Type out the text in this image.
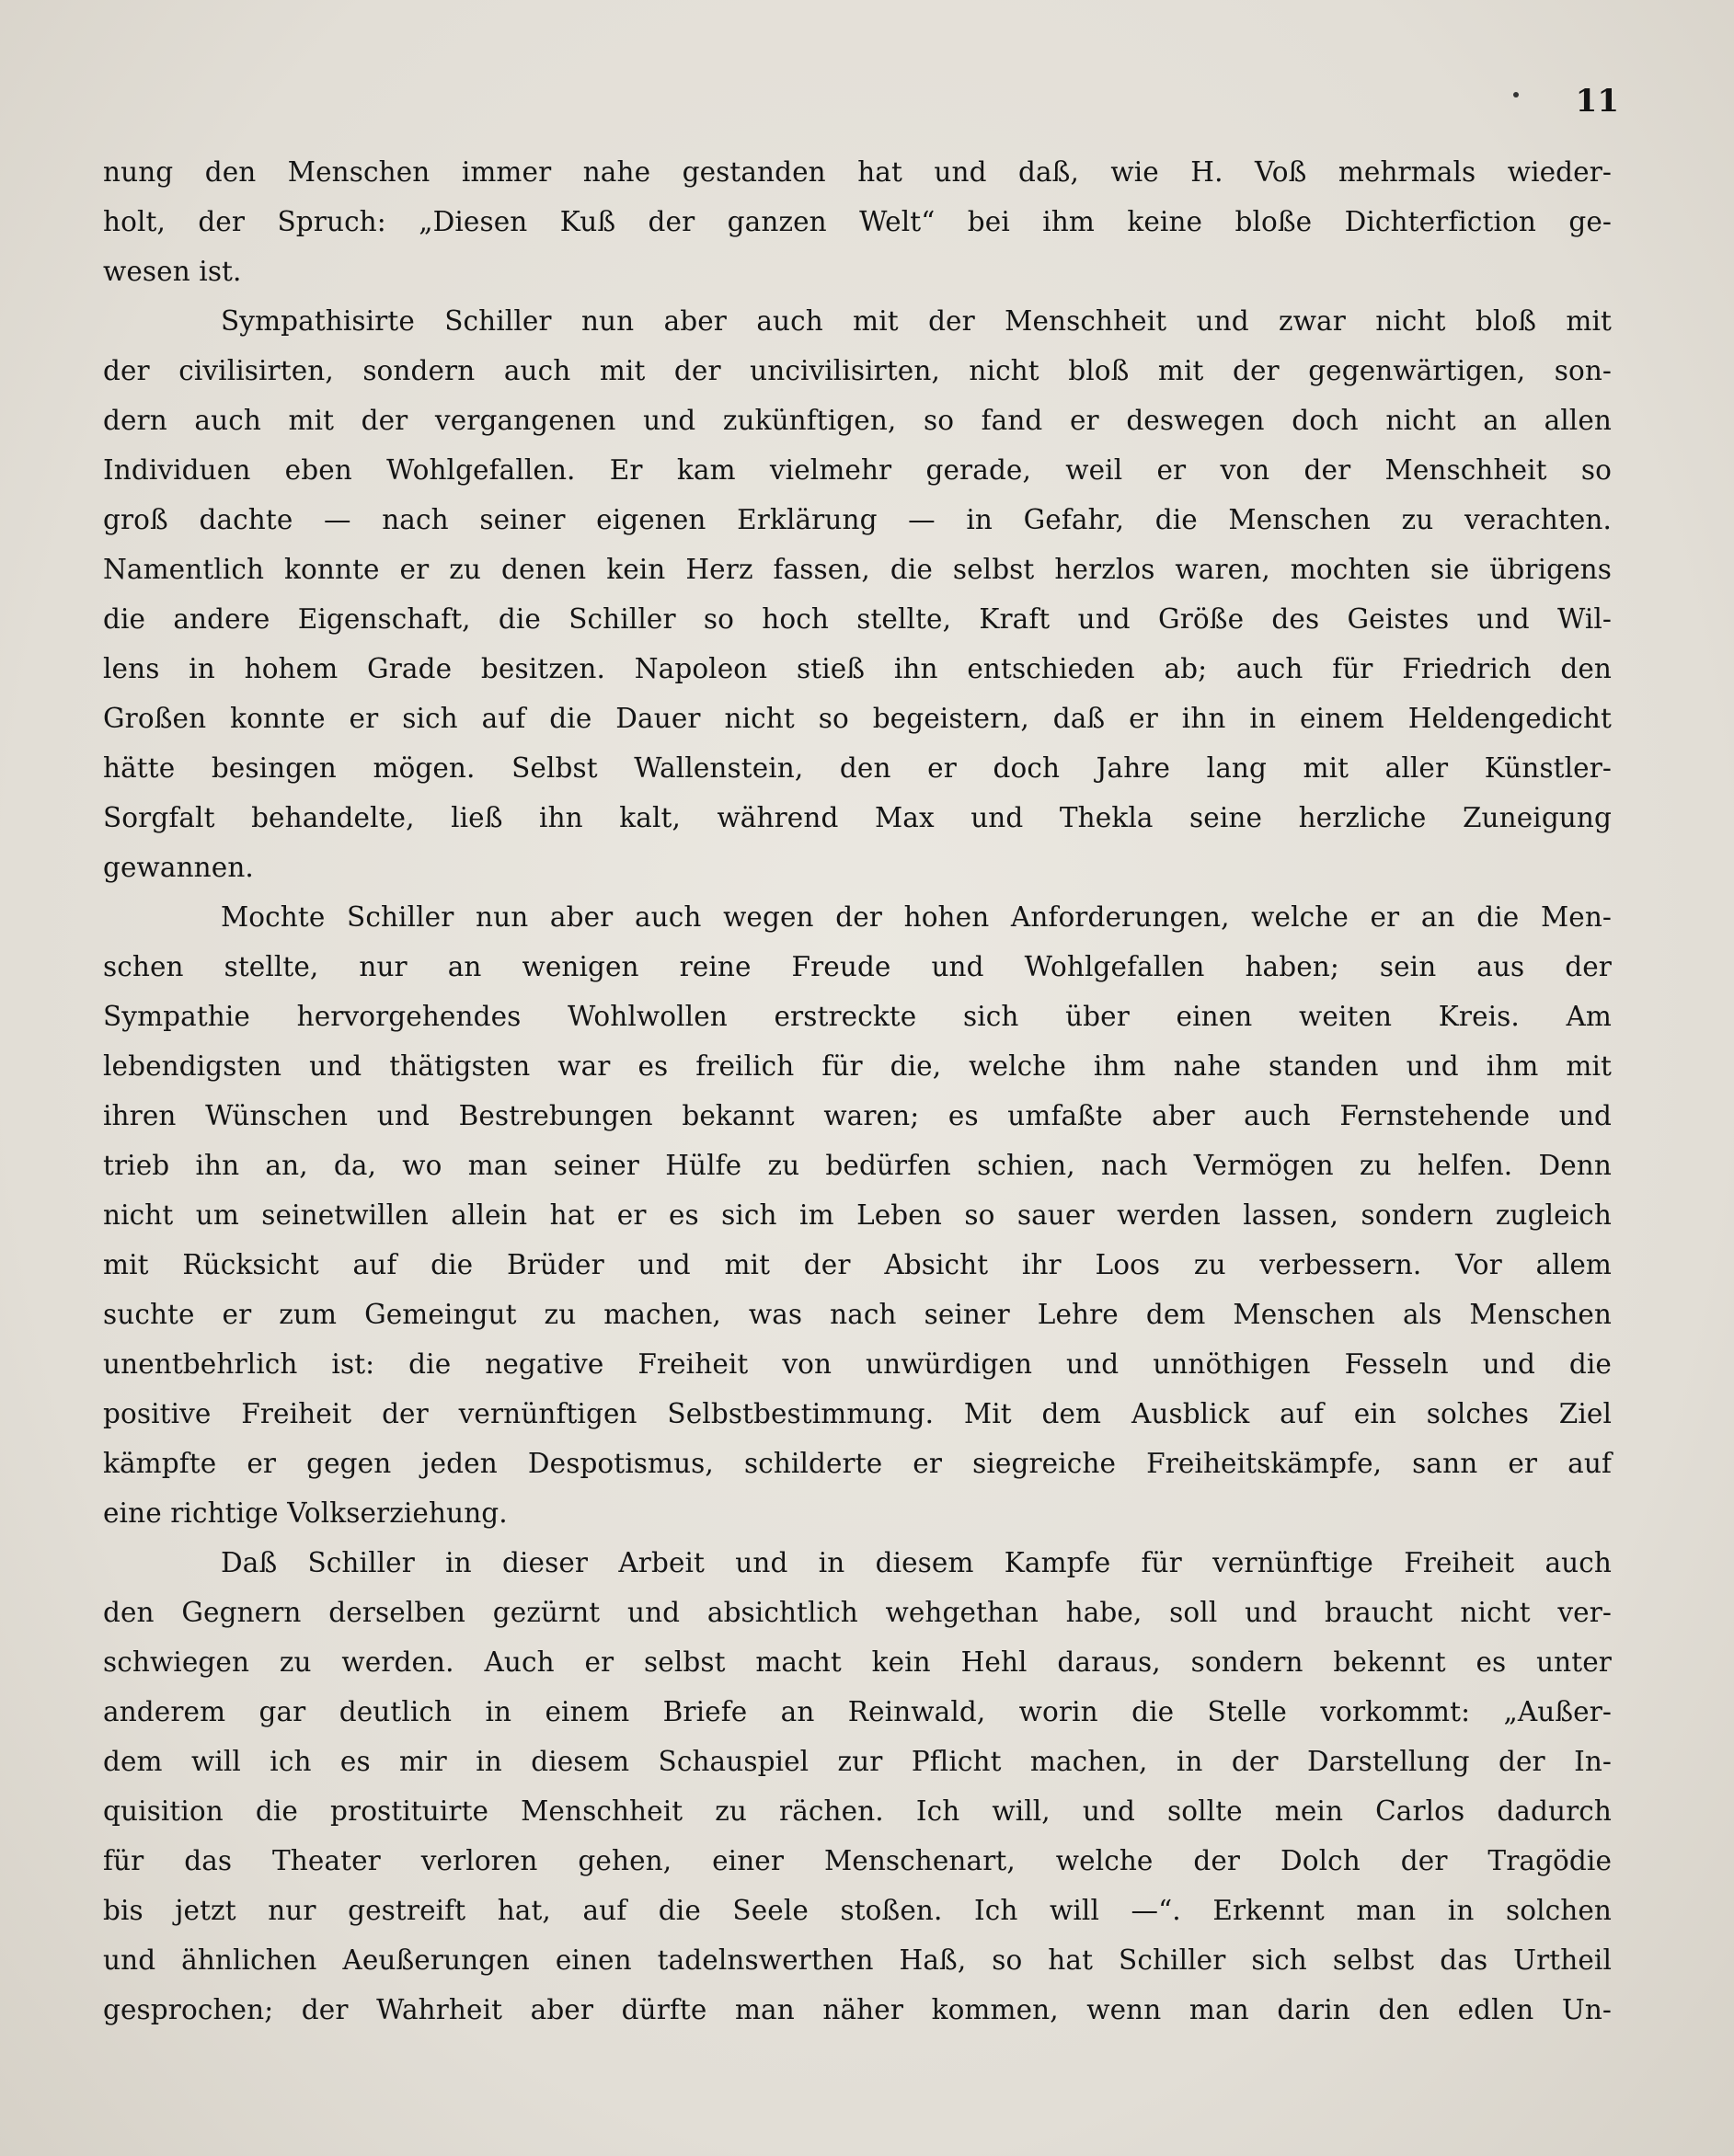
11
nung den Menschen immer nahe gestanden hat und daß, wie H. Voß mehrmals wieder-
holt, der Spruch: „Diesen Kuß der ganzen Welt“ bei ihm keine bloße Dichterfiction ge-
wesen ist.
Sympathisirte Schiller nun aber auch mit der Menschheit und zwar nicht bloß mit
der civilisirten, sondern auch mit der uncivilisirten, nicht bloß mit der gegenwärtigen, son-
dern auch mit der vergangenen und zukünftigen, so fand er deswegen doch nicht an allen
Individuen eben Wohlgefallen. Er kam vielmehr gerade, weil er von der Menschheit so
groß dachte — nach seiner eigenen Erklärung — in Gefahr, die Menschen zu verachten.
Namentlich konnte er zu denen kein Herz fassen, die selbst herzlos waren, mochten sie übrigens
die andere Eigenschaft, die Schiller so hoch stellte, Kraft und Größe des Geistes und Wil-
lens in hohem Grade besitzen. Napoleon stieß ihn entschieden ab; auch für Friedrich den
Großen konnte er sich auf die Dauer nicht so begeistern, daß er ihn in einem Heldengedicht
hätte besingen mögen. Selbst Wallenstein, den er doch Jahre lang mit aller Künstler-
Sorgfalt behandelte, ließ ihn kalt, während Max und Thekla seine herzliche Zuneigung
gewannen.
Mochte Schiller nun aber auch wegen der hohen Anforderungen, welche er an die Men-
schen stellte, nur an wenigen reine Freude und Wohlgefallen haben; sein aus der
Sympathie hervorgehendes Wohlwollen erstreckte sich über einen weiten Kreis. Am
lebendigsten und thätigsten war es freilich für die, welche ihm nahe standen und ihm mit
ihren Wünschen und Bestrebungen bekannt waren; es umfaßte aber auch Fernstehende und
trieb ihn an, da, wo man seiner Hülfe zu bedürfen schien, nach Vermögen zu helfen. Denn
nicht um seinetwillen allein hat er es sich im Leben so sauer werden lassen, sondern zugleich
mit Rücksicht auf die Brüder und mit der Absicht ihr Loos zu verbessern. Vor allem
suchte er zum Gemeingut zu machen, was nach seiner Lehre dem Menschen als Menschen
unentbehrlich ist: die negative Freiheit von unwürdigen und unnöthigen Fesseln und die
positive Freiheit der vernünftigen Selbstbestimmung. Mit dem Ausblick auf ein solches Ziel
kämpfte er gegen jeden Despotismus, schilderte er siegreiche Freiheitskämpfe, sann er auf
eine richtige Volkserziehung.
Daß Schiller in dieser Arbeit und in diesem Kampfe für vernünftige Freiheit auch
den Gegnern derselben gezürnt und absichtlich wehgethan habe, soll und braucht nicht ver-
schwiegen zu werden. Auch er selbst macht kein Hehl daraus, sondern bekennt es unter
anderem gar deutlich in einem Briefe an Reinwald, worin die Stelle vorkommt: „Außer-
dem will ich es mir in diesem Schauspiel zur Pflicht machen, in der Darstellung der In-
quisition die prostituirte Menschheit zu rächen. Ich will, und sollte mein Carlos dadurch
für das Theater verloren gehen, einer Menschenart, welche der Dolch der Tragödie
bis jetzt nur gestreift hat, auf die Seele stoßen. Ich will —“. Erkennt man in solchen
und ähnlichen Aeußerungen einen tadelnswerthen Haß, so hat Schiller sich selbst das Urtheil
gesprochen; der Wahrheit aber dürfte man näher kommen, wenn man darin den edlen Un-
